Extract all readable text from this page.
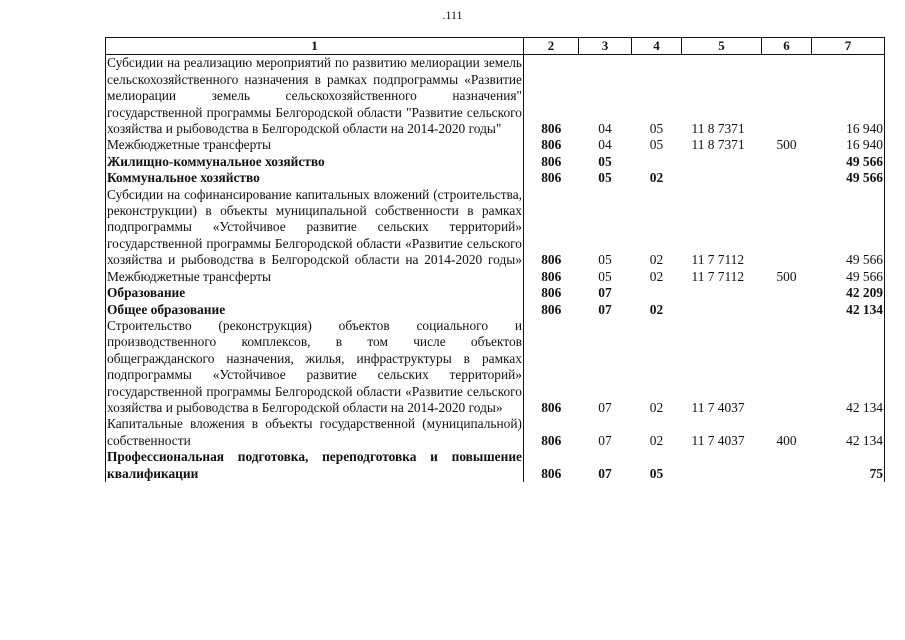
.111
1	2	3	4	5	6	7
Субсидии на реализацию мероприятий по развитию мелиорации земель сельскохозяйственного назначения в рамках подпрограммы «Развитие мелиорации земель сельскохозяйственного назначения" государственной программы Белгородской области "Развитие сельского хозяйства и рыбоводства в Белгородской области на 2014-2020 годы"	806	04	05	11 8 7371		16 940
Межбюджетные трансферты	806	04	05	11 8 7371	500	16 940
Жилищно-коммунальное хозяйство	806	05				49 566
Коммунальное хозяйство	806	05	02			49 566
Субсидии на софинансирование капитальных вложений (строительства, реконструкции) в объекты муниципальной собственности в рамках подпрограммы «Устойчивое развитие сельских территорий» государственной программы Белгородской области «Развитие сельского хозяйства и рыбоводства в Белгородской области на 2014-2020 годы»	806	05	02	11 7 7112		49 566
Межбюджетные трансферты	806	05	02	11 7 7112	500	49 566
Образование	806	07				42 209
Общее образование	806	07	02			42 134
Строительство (реконструкция) объектов социального и производственного комплексов, в том числе объектов общегражданского назначения, жилья, инфраструктуры в рамках подпрограммы «Устойчивое развитие сельских территорий» государственной программы Белгородской области «Развитие сельского хозяйства и рыбоводства в Белгородской области на 2014-2020 годы»	806	07	02	11 7 4037		42 134
Капитальные вложения в объекты государственной (муниципальной) собственности	806	07	02	11 7 4037	400	42 134
Профессиональная подготовка, переподготовка и повышение квалификации	806	07	05			75
